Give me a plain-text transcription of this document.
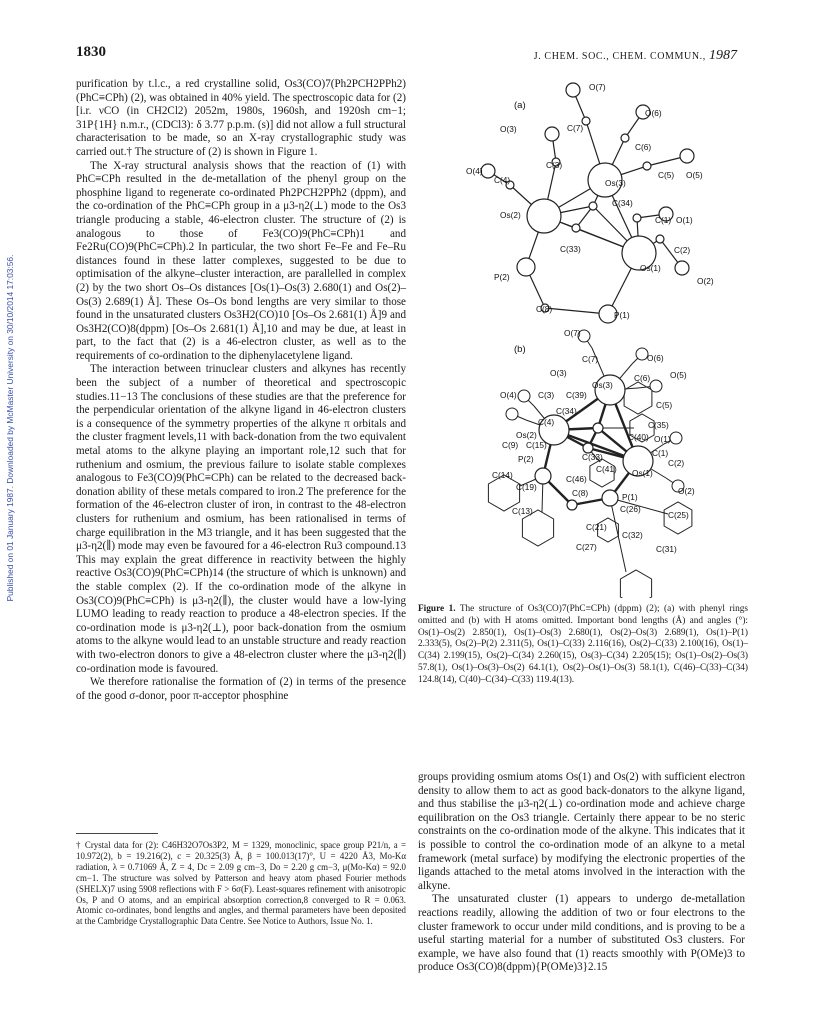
Published on 01 January 1987. Downloaded by McMaster University on 30/10/2014 17:03:56.
1830	J. CHEM. SOC., CHEM. COMMUN., 1987

purification by t.l.c., a red crystalline solid, Os3(CO)7(Ph2PCH2PPh2)(PhC≡CPh) (2), was obtained in 40% yield. The spectroscopic data for (2) [i.r. νCO (in CH2Cl2) 2052m, 1980s, 1960sh, and 1920sh cm−1; 31P{1H} n.m.r., (CDCl3): δ 3.77 p.p.m. (s)] did not allow a full structural characterisation to be made, so an X-ray crystallographic study was carried out.† The structure of (2) is shown in Figure 1.

The X-ray structural analysis shows that the reaction of (1) with PhC≡CPh resulted in the de-metallation of the phenyl group on the phosphine ligand to regenerate co-ordinated Ph2PCH2PPh2 (dppm), and the co-ordination of the PhC≡CPh group in a μ3-η2(⊥) mode to the Os3 triangle producing a stable, 46-electron cluster. The structure of (2) is analogous to those of Fe3(CO)9(PhC≡CPh)1 and Fe2Ru(CO)9(PhC≡CPh).2 In particular, the two short Fe–Fe and Fe–Ru distances found in these latter complexes, suggested to be due to optimisation of the alkyne–cluster interaction, are parallelled in complex (2) by the two short Os–Os distances [Os(1)–Os(3) 2.680(1) and Os(2)–Os(3) 2.689(1) Å]. These Os–Os bond lengths are very similar to those found in the unsaturated clusters Os3H2(CO)10 [Os–Os 2.681(1) Å]9 and Os3H2(CO)8(dppm) [Os–Os 2.681(1) Å],10 and may be due, at least in part, to the fact that (2) is a 46-electron cluster, as well as to the requirements of co-ordination to the diphenylacetylene ligand.

The interaction between trinuclear clusters and alkynes has recently been the subject of a number of theoretical and spectroscopic studies.11−13 The conclusions of these studies are that the preference for the perpendicular orientation of the alkyne ligand in 46-electron clusters is a consequence of the symmetry properties of the alkyne π orbitals and the cluster fragment levels,11 with back-donation from the two equivalent metal atoms to the alkyne playing an important role,12 such that for ruthenium and osmium, the previous failure to isolate stable complexes analogous to Fe3(CO)9(PhC≡CPh) can be related to the decreased back-donation ability of these metals compared to iron.2 The preference for the formation of the 46-electron cluster of iron, in contrast to the 48-electron clusters for ruthenium and osmium, has been rationalised in terms of charge equilibration in the M3 triangle, and it has been suggested that the μ3-η2(∥) mode may even be favoured for a 46-electron Ru3 compound.13 This may explain the great difference in reactivity between the highly reactive Os3(CO)9(PhC≡CPh)14 (the structure of which is unknown) and the stable complex (2). If the co-ordination mode of the alkyne in Os3(CO)9(PhC≡CPh) is μ3-η2(∥), the cluster would have a low-lying LUMO leading to ready reaction to produce a 48-electron species. If the co-ordination mode is μ3-η2(⊥), poor back-donation from the osmium atoms to the alkyne would lead to an unstable structure and ready reaction with two-electron donors to give a 48-electron cluster where the μ3-η2(∥) co-ordination mode is favoured.

We therefore rationalise the formation of (2) in terms of the presence of the good σ-donor, poor π-acceptor phosphine

† Crystal data for (2): C46H32O7Os3P2, M = 1329, monoclinic, space group P21/n, a = 10.972(2), b = 19.216(2), c = 20.325(3) Å, β = 100.013(17)°, U = 4220 Å3, Mo-Kα radiation, λ = 0.71069 Å, Z = 4, Dc = 2.09 g cm−3, Do = 2.20 g cm−3, μ(Mo-Kα) = 92.0 cm−1. The structure was solved by Patterson and heavy atom phased Fourier methods (SHELX)7 using 5908 reflections with F > 6σ(F). Least-squares refinement with anisotropic Os, P and O atoms, and an empirical absorption correction,8 converged to R = 0.063. Atomic co-ordinates, bond lengths and angles, and thermal parameters have been deposited at the Cambridge Crystallographic Data Centre. See Notice to Authors, Issue No. 1.
(a)
O(7)
O(6)
O(3)	C(7)
C(6)
C(3)
O(4)
C(4)	Os(3)
C(5) O(5)
C(34)
Os(2)	C(1) O(1)
C(2)
C(33)
Os(1)
P(2)	O(2)
C(8)
P(1)
(b)
O(7)
C(7)	O(6)
O(3)	C(6) O(5)
Os(3)
O(4)	C(3) C(39)
C(5)
C(4)
C(34)
C(35)
Os(2)	C(40) O(1)
C(9) C(15)
C(1)
C(2)
P(2)	C(33)
C(14)	Os(1)
C(41)
C(46)
C(19)	O(2)
C(8)	P(1)
C(13)	C(26)
C(25)
C(21)
C(32)
C(27)	C(31)
Figure 1. The structure of Os3(CO)7(PhC≡CPh) (dppm) (2); (a) with phenyl rings omitted and (b) with H atoms omitted. Important bond lengths (Å) and angles (°): Os(1)–Os(2) 2.850(1), Os(1)–Os(3) 2.680(1), Os(2)–Os(3) 2.689(1), Os(1)–P(1) 2.333(5), Os(2)–P(2) 2.311(5), Os(1)–C(33) 2.116(16), Os(2)–C(33) 2.100(16), Os(1)–C(34) 2.199(15), Os(2)–C(34) 2.260(15), Os(3)–C(34) 2.205(15); Os(1)–Os(2)–Os(3) 57.8(1), Os(1)–Os(3)–Os(2) 64.1(1), Os(2)–Os(1)–Os(3) 58.1(1), C(46)–C(33)–C(34) 124.8(14), C(40)–C(34)–C(33) 119.4(13).

groups providing osmium atoms Os(1) and Os(2) with sufficient electron density to allow them to act as good back-donators to the alkyne ligand, and thus stabilise the μ3-η2(⊥) co-ordination mode and achieve charge equilibration on the Os3 triangle. Certainly there appear to be no steric constraints on the co-ordination mode of the alkyne. This indicates that it is possible to control the co-ordination mode of an alkyne to a metal framework (metal surface) by modifying the electronic properties of the ligands attached to the metal atoms involved in the interaction with the alkyne.

The unsaturated cluster (1) appears to undergo de-metallation reactions readily, allowing the addition of two or four electrons to the cluster framework to occur under mild conditions, and is proving to be a useful starting material for a number of substituted Os3 clusters. For example, we have also found that (1) reacts smoothly with P(OMe)3 to produce Os3(CO)8(dppm){P(OMe)3}2.15
